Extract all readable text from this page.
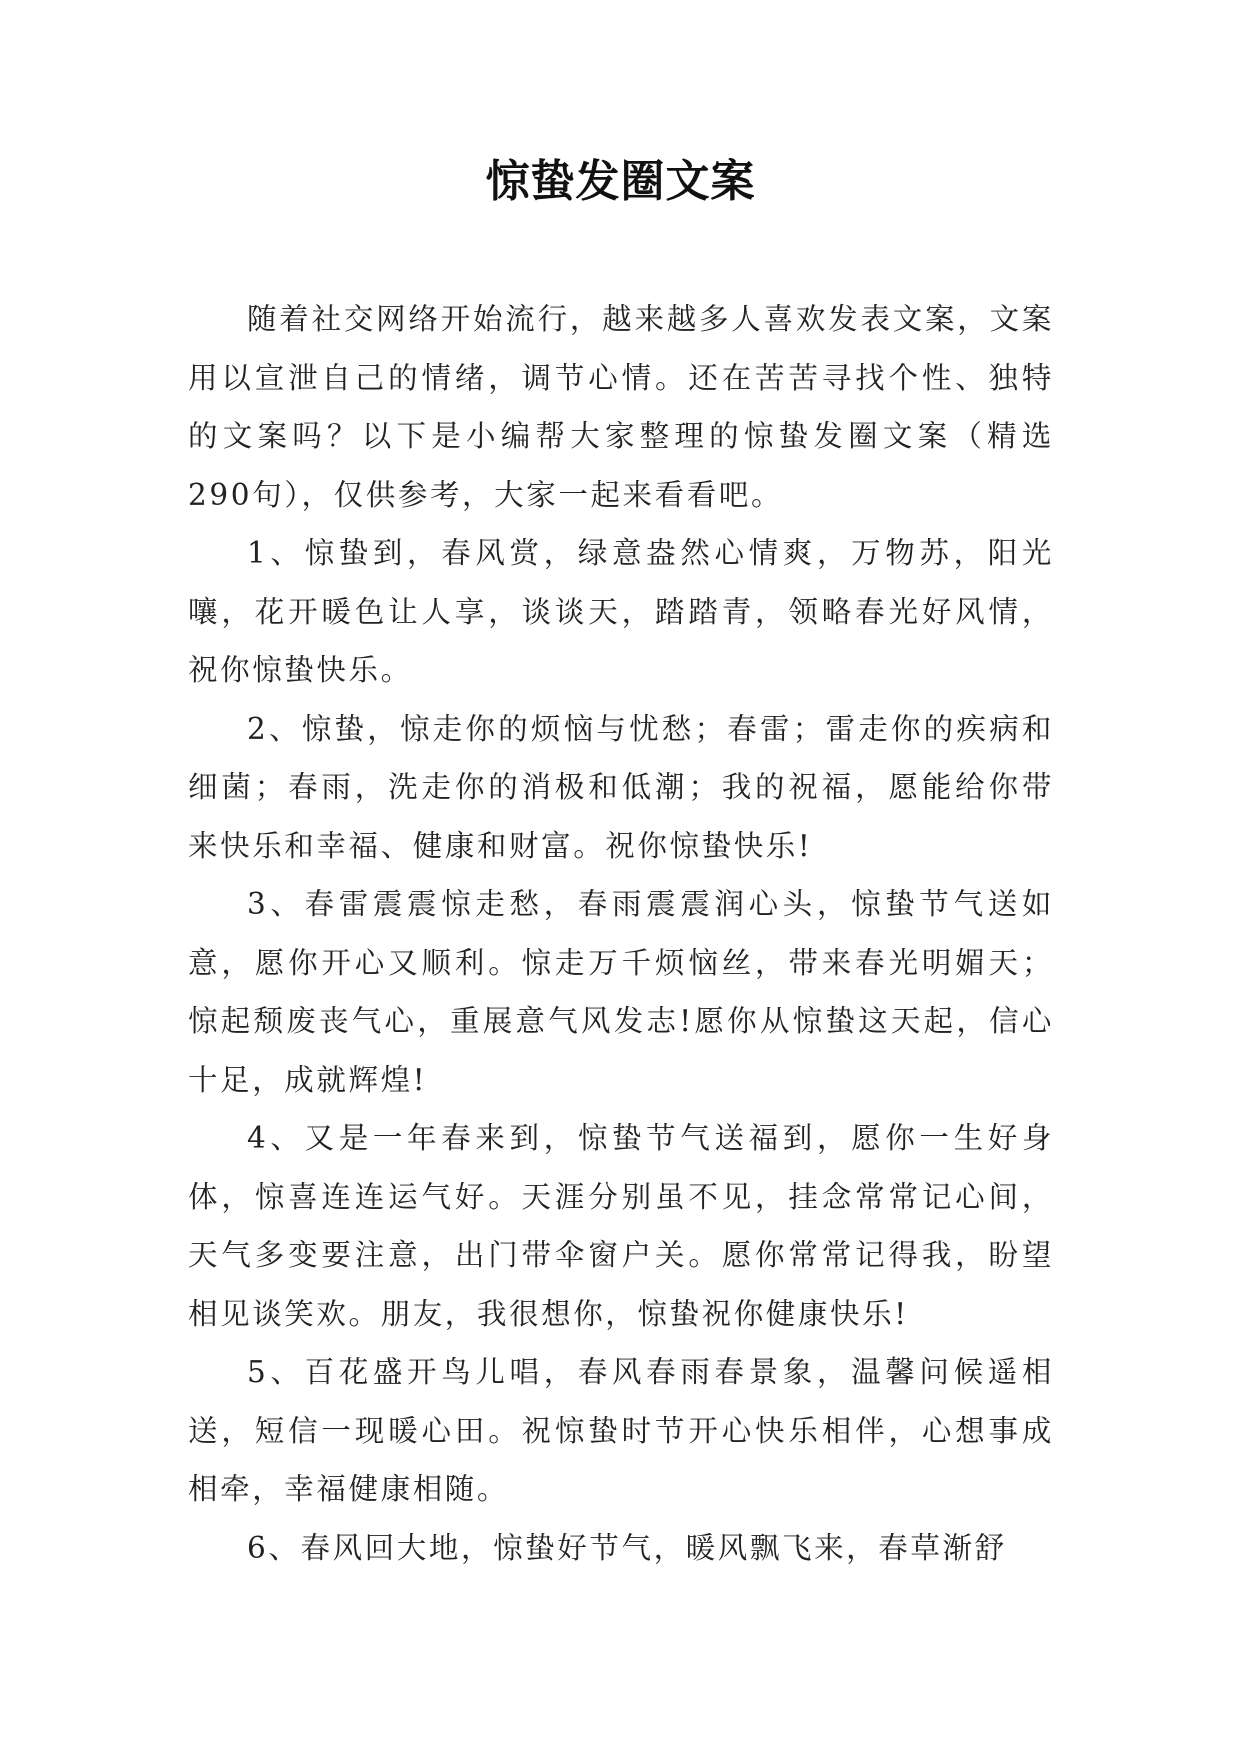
惊蛰发圈文案

随着社交网络开始流行，越来越多人喜欢发表文案，文案用以宣泄自己的情绪，调节心情。还在苦苦寻找个性、独特的文案吗？以下是小编帮大家整理的惊蛰发圈文案（精选290句），仅供参考，大家一起来看看吧。

1、惊蛰到，春风赏，绿意盎然心情爽，万物苏，阳光嚷，花开暖色让人享，谈谈天，踏踏青，领略春光好风情，祝你惊蛰快乐。

2、惊蛰，惊走你的烦恼与忧愁；春雷；雷走你的疾病和细菌；春雨，洗走你的消极和低潮；我的祝福，愿能给你带来快乐和幸福、健康和财富。祝你惊蛰快乐!

3、春雷震震惊走愁，春雨震震润心头，惊蛰节气送如意，愿你开心又顺利。惊走万千烦恼丝，带来春光明媚天；惊起颓废丧气心，重展意气风发志!愿你从惊蛰这天起，信心十足，成就辉煌!

4、又是一年春来到，惊蛰节气送福到，愿你一生好身体，惊喜连连运气好。天涯分别虽不见，挂念常常记心间，天气多变要注意，出门带伞窗户关。愿你常常记得我，盼望相见谈笑欢。朋友，我很想你，惊蛰祝你健康快乐!

5、百花盛开鸟儿唱，春风春雨春景象，温馨问候遥相送，短信一现暖心田。祝惊蛰时节开心快乐相伴，心想事成相牵，幸福健康相随。

6、春风回大地，惊蛰好节气，暖风飘飞来，春草渐舒
